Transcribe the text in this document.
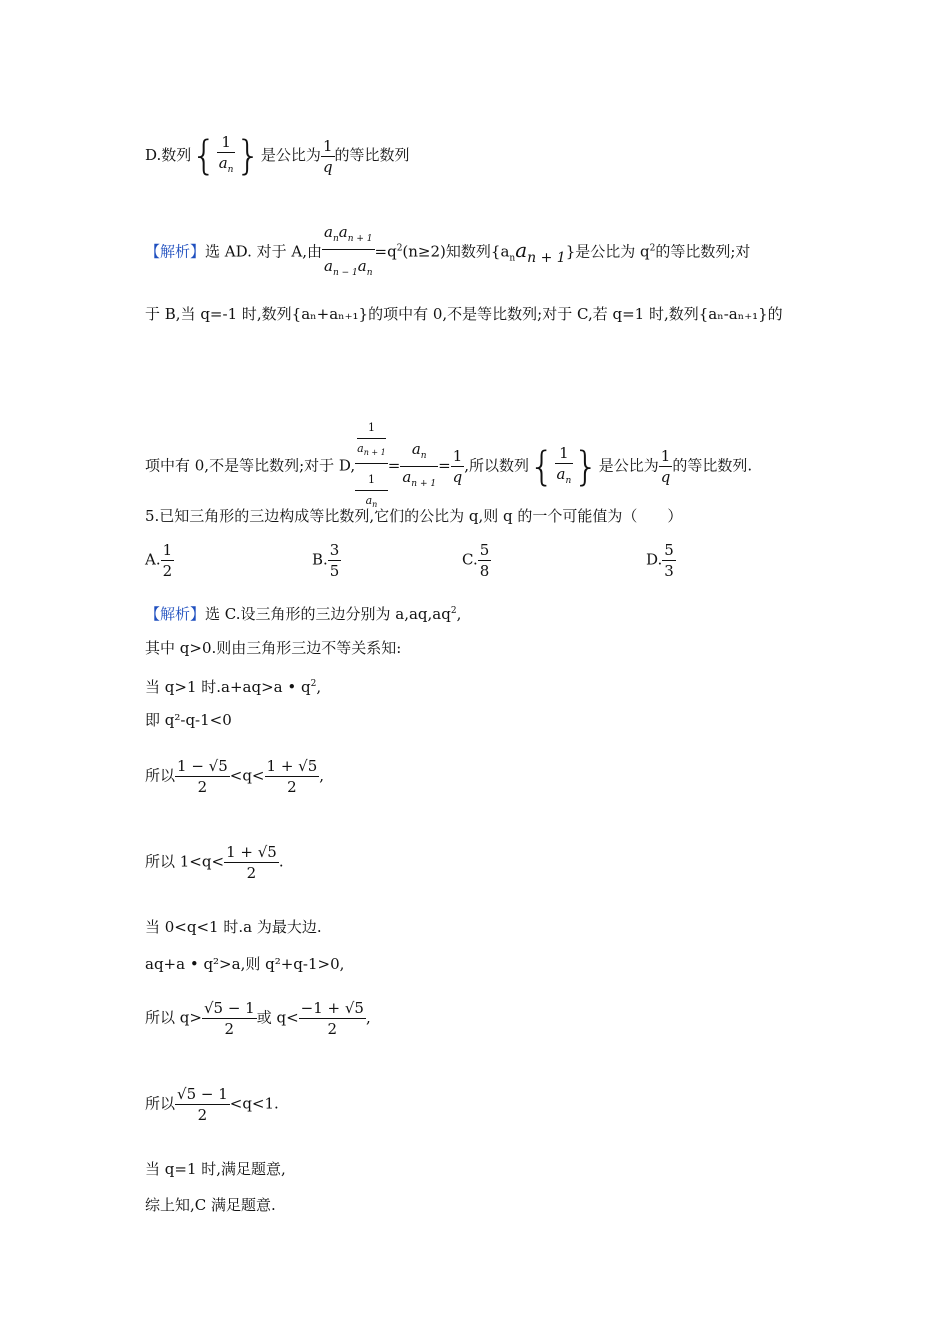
D.数列{ $\frac{1}{a_n}$ }是公比为 $\frac{1}{q}$ 的等比数列
【解析】选 AD. 对于 A,由 $\frac{a_na_{n + 1}}{a_{n - 1}a_n} =q^2(n\ge 2)$知数列$\{a_na_{n + 1}\}$是公比为 $q^2$的等比数列;对
于 B,当 q=-1 时,数列{aₙ+aₙ₊₁}的项中有 0,不是等比数列;对于 C,若 q=1 时,数列{aₙ-aₙ₊₁}的
项中有 0,不是等比数列;对于 D,
1
$a_{n + 1}$
1
$a_n$
= $\frac{a_n}{a_{n + 1}} = \frac{1}{q}$ ,所以数列{ $\frac{1}{a_n}$ }是公比为 $\frac{1}{q}$ 的等比数列.
5.已知三角形的三边构成等比数列,它们的公比为 q,则 q 的一个可能值为（　　）
A. $\frac{1}{2}$	B. $\frac{3}{5}$	C. $\frac{5}{8}$	D. $\frac{5}{3}$
【解析】选 C.设三角形的三边分别为 $a,aq,aq^2$,
其中 q>0.则由三角形三边不等关系知:
当 q>1 时.a+aq>a • $q^2$,
即 q²-q-1<0
所以 $\frac{1 - √5}{2} <q< \frac{1 + √5}{2}$ ,
所以 $1<q< \frac{1 + √5}{2}$ .
当 0<q<1 时.a 为最大边.
aq+a • q²>a,则 q²+q-1>0,
所以 $q> \frac{√5 - 1}{2}$ 或 $q< \frac{-1 + √5}{2}$ ,
所以 $\frac{√5 - 1}{2} <q<1$.
当 q=1 时,满足题意,
综上知,C 满足题意.
